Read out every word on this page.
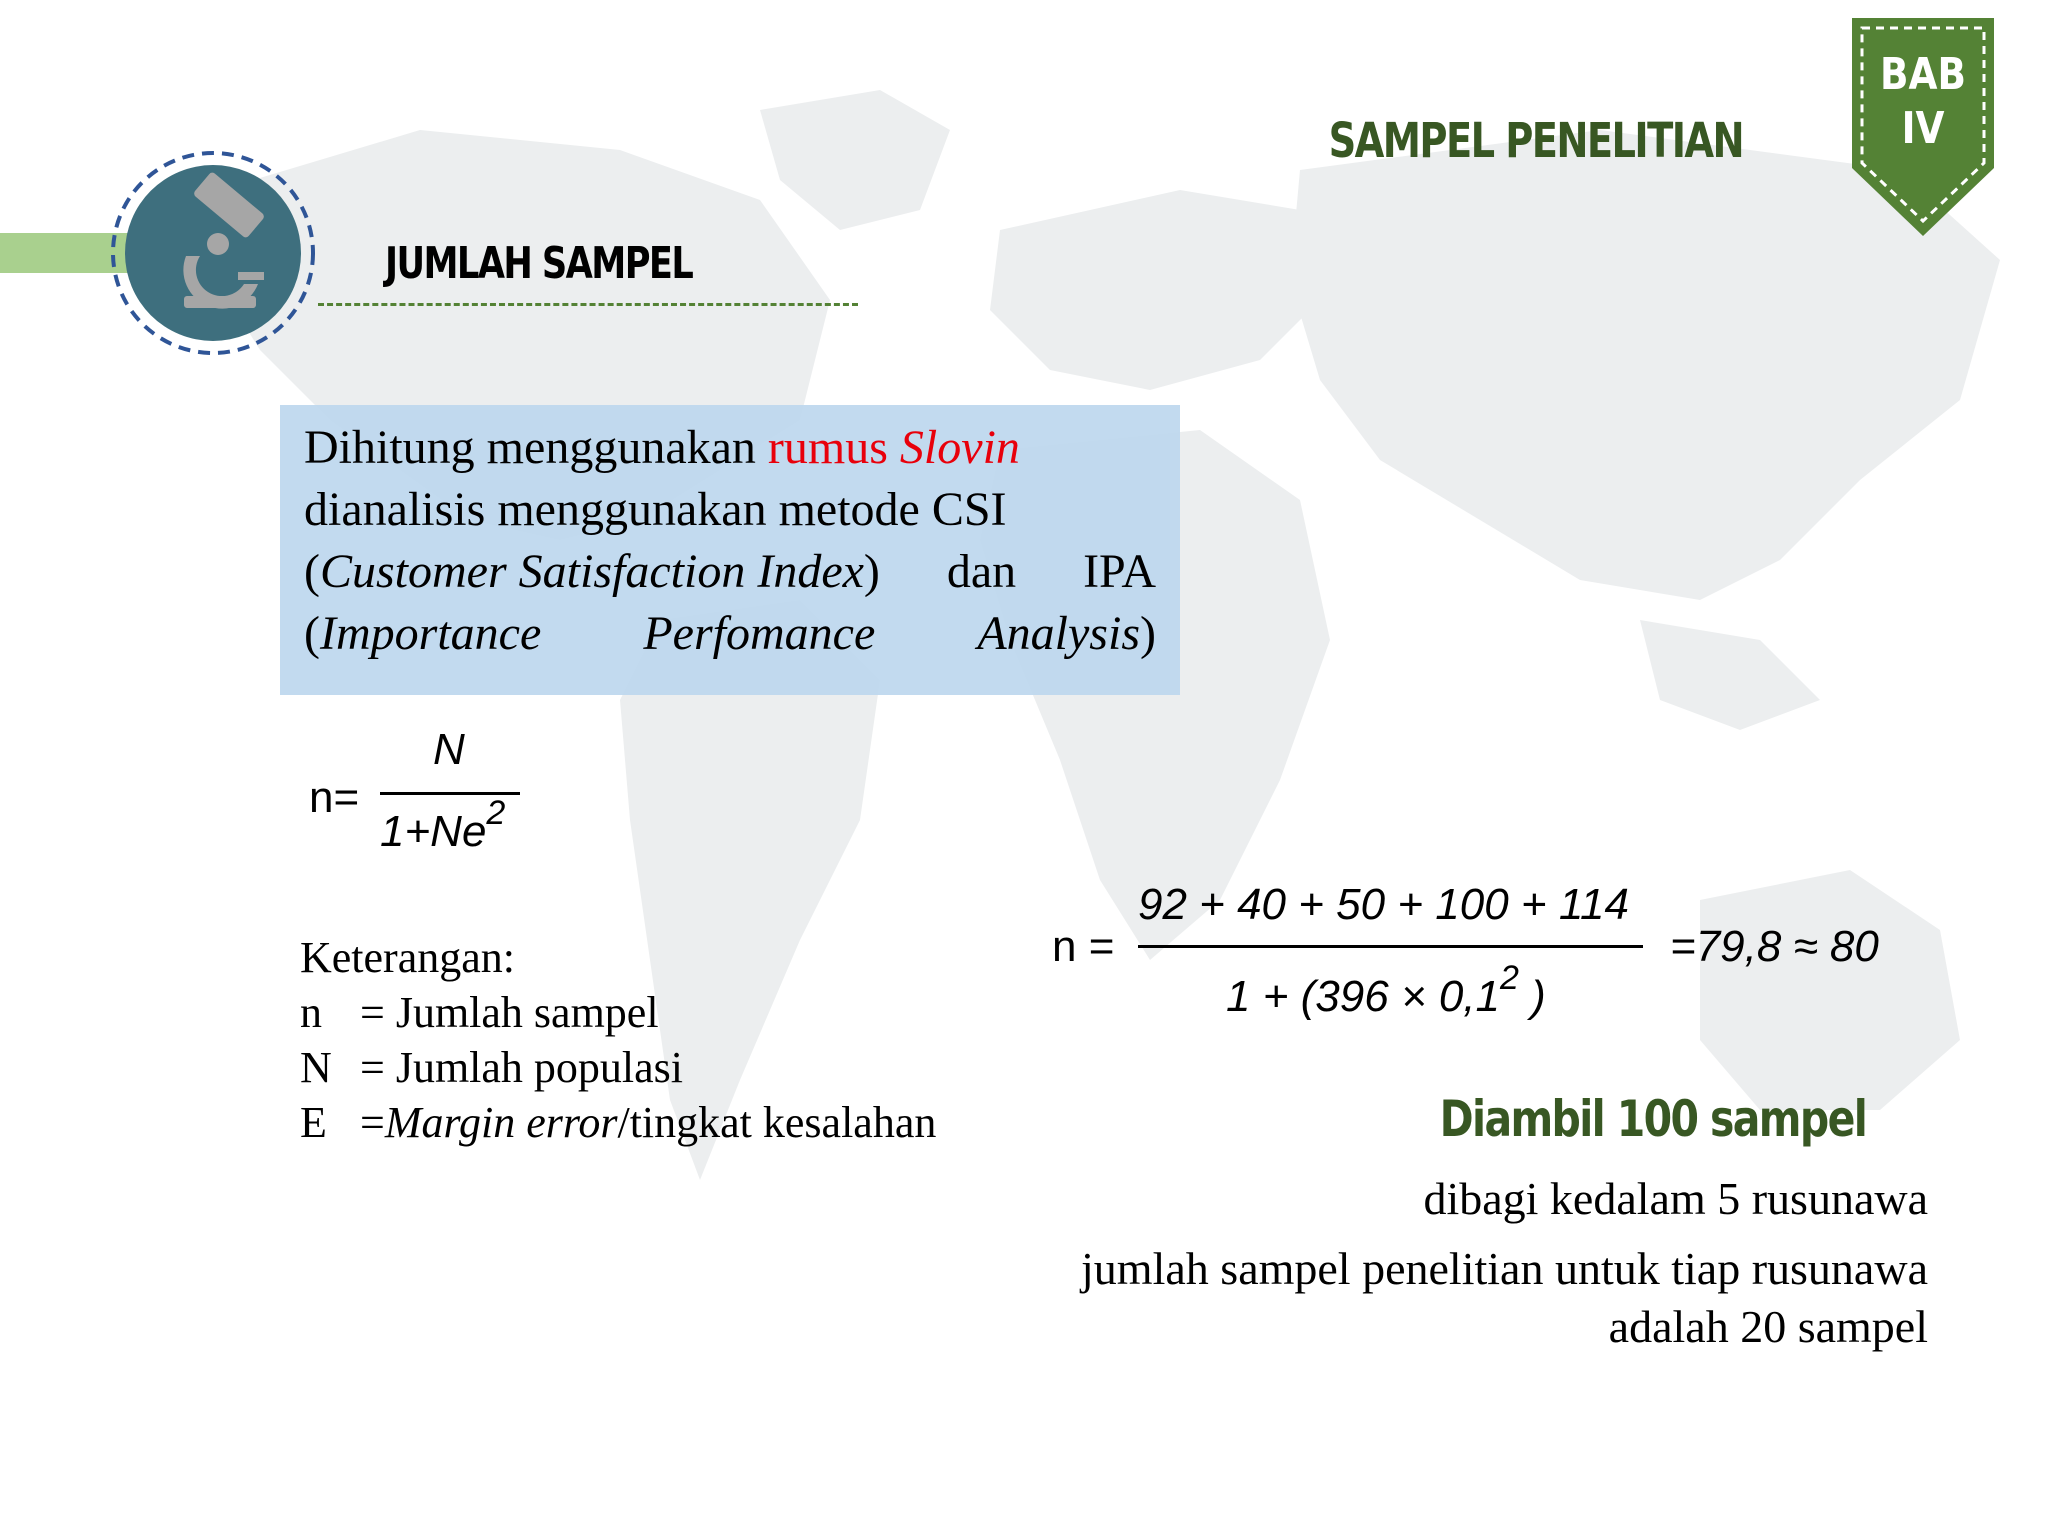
JUMLAH SAMPEL
SAMPEL PENELITIAN
BAB
IV
Dihitung menggunakan rumus Slovin
dianalisis menggunakan metode CSI
(Customer Satisfaction Index) dan IPA
(Importance Perfomance Analysis)
n=
N
$1+Ne^2$
Keterangan:
n = Jumlah sampel
N = Jumlah populasi
E = Margin error /tingkat kesalahan
n =
92 + 40 + 50 + 100 + 114
$1 + (396 \times 0,1^2$ )
=79,8 ≈ 80
Diambil 100 sampel
dibagi kedalam 5 rusunawa
jumlah sampel penelitian untuk tiap rusunawa
adalah 20 sampel
